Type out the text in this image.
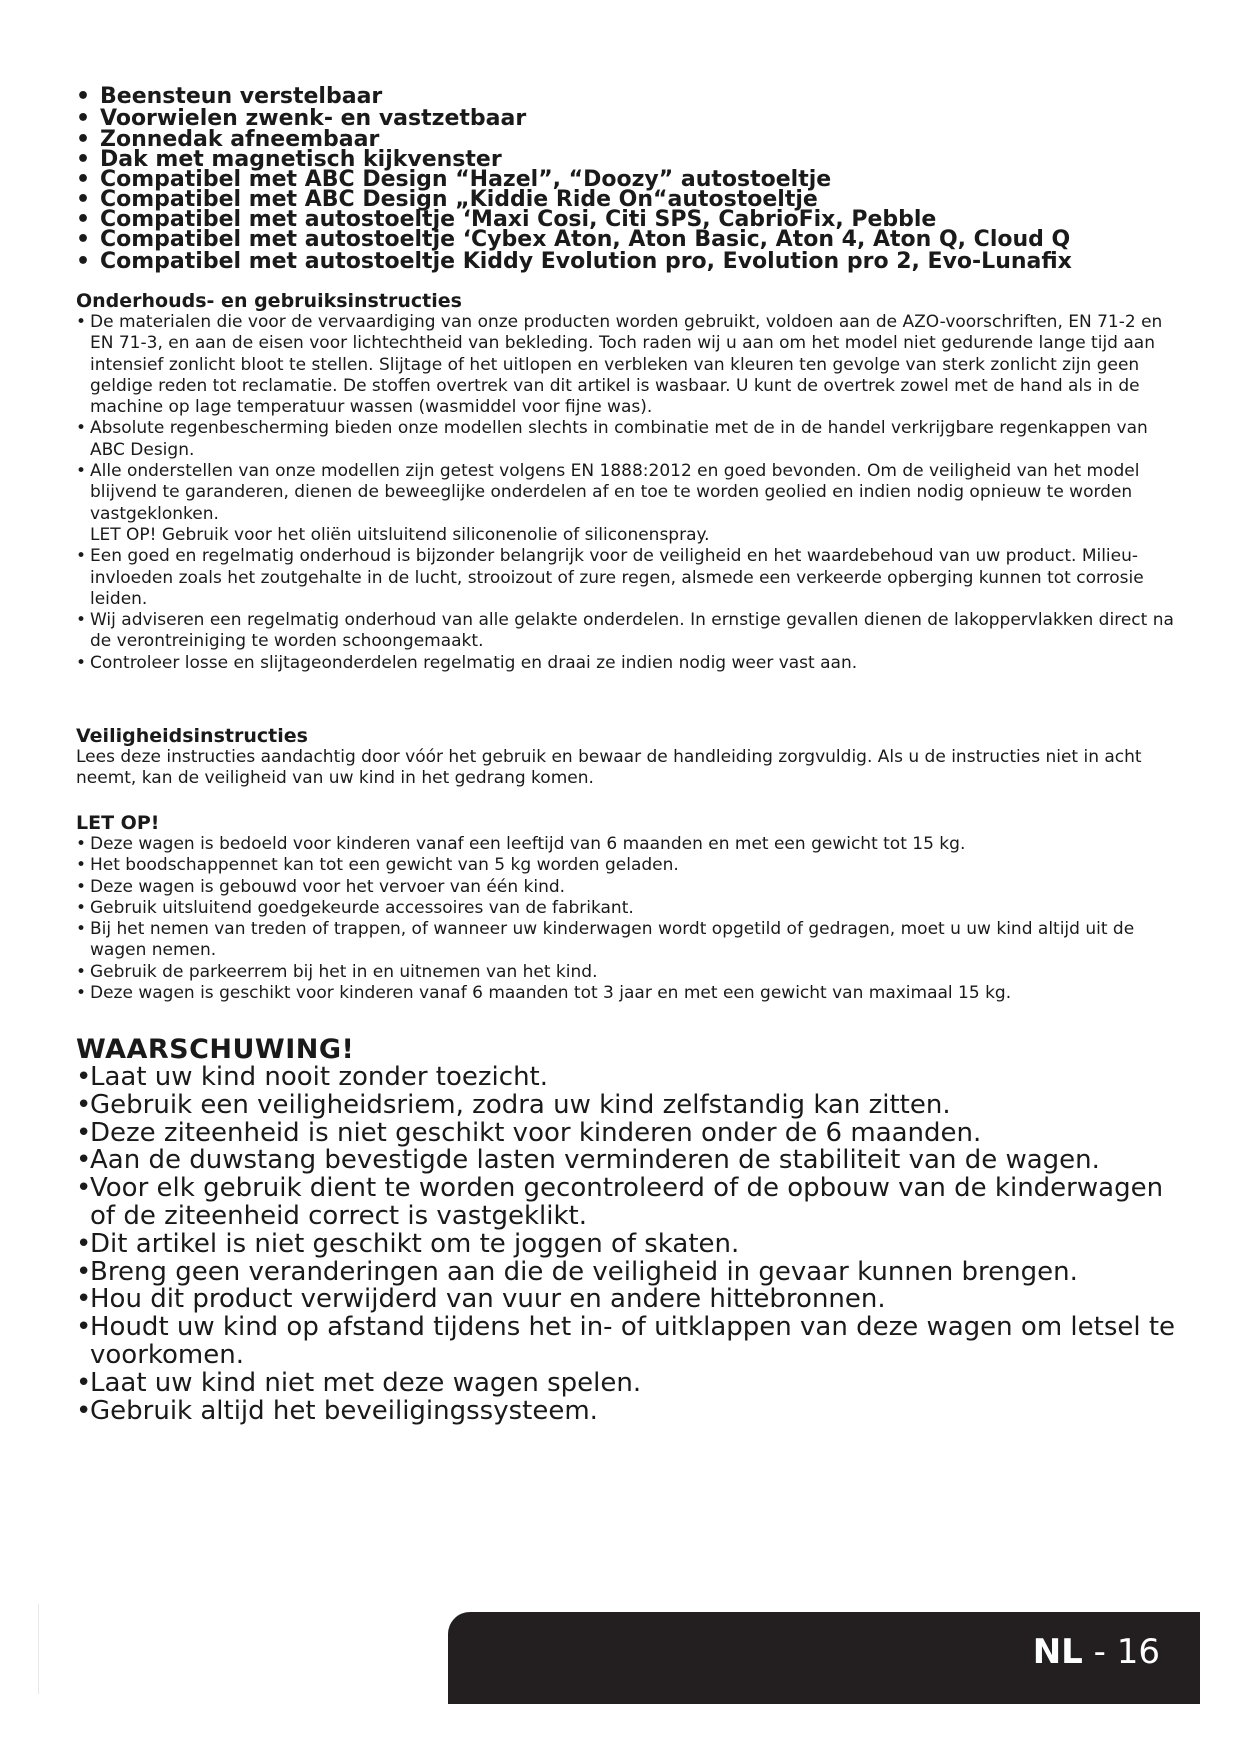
• Beensteun verstelbaar
• Voorwielen zwenk- en vastzetbaar
• Zonnedak afneembaar
• Dak met magnetisch kijkvenster
• Compatibel met ABC Design “Hazel”, “Doozy” autostoeltje
• Compatibel met ABC Design „Kiddie Ride On“autostoeltje
• Compatibel met autostoeltje ‘Maxi Cosi, Citi SPS, CabrioFix, Pebble
• Compatibel met autostoeltje ‘Cybex Aton, Aton Basic, Aton 4, Aton Q, Cloud Q
• Compatibel met autostoeltje Kiddy Evolution pro, Evolution pro 2, Evo-Lunafix
Onderhouds- en gebruiksinstructies
• De materialen die voor de vervaardiging van onze producten worden gebruikt, voldoen aan de AZO-voorschriften, EN 71-2 en EN 71-3, en aan de eisen voor lichtechtheid van bekleding. Toch raden wij u aan om het model niet gedurende lange tijd aan intensief zonlicht bloot te stellen. Slijtage of het uitlopen en verbleken van kleuren ten gevolge van sterk zonlicht zijn geen geldige reden tot reclamatie. De stoffen overtrek van dit artikel is wasbaar. U kunt de overtrek zowel met de hand als in de machine op lage temperatuur wassen (wasmiddel voor fijne was).
• Absolute regenbescherming bieden onze modellen slechts in combinatie met de in de handel verkrijgbare regenkappen van ABC Design.
• Alle onderstellen van onze modellen zijn getest volgens EN 1888:2012 en goed bevonden. Om de veiligheid van het model blijvend te garanderen, dienen de beweeglijke onderdelen af en toe te worden geolied en indien nodig opnieuw te worden vastgeklonken.

LET OP! Gebruik voor het oliën uitsluitend siliconenolie of siliconenspray.

• Een goed en regelmatig onderhoud is bijzonder belangrijk voor de veiligheid en het waardebehoud van uw product. Milieu-invloeden zoals het zoutgehalte in de lucht, strooizout of zure regen, alsmede een verkeerde opberging kunnen tot corrosie leiden.
• Wij adviseren een regelmatig onderhoud van alle gelakte onderdelen. In ernstige gevallen dienen de lakoppervlakken direct na de verontreiniging te worden schoongemaakt.
• Controleer losse en slijtageonderdelen regelmatig en draai ze indien nodig weer vast aan.
Veiligheidsinstructies

Lees deze instructies aandachtig door vóór het gebruik en bewaar de handleiding zorgvuldig. Als u de instructies niet in acht neemt, kan de veiligheid van uw kind in het gedrang komen.

LET OP!
• Deze wagen is bedoeld voor kinderen vanaf een leeftijd van 6 maanden en met een gewicht tot 15 kg.
• Het boodschappennet kan tot een gewicht van 5 kg worden geladen.
• Deze wagen is gebouwd voor het vervoer van één kind.
• Gebruik uitsluitend goedgekeurde accessoires van de fabrikant.
• Bij het nemen van treden of trappen, of wanneer uw kinderwagen wordt opgetild of gedragen, moet u uw kind altijd uit de wagen nemen.
• Gebruik de parkeerrem bij het in en uitnemen van het kind.
• Deze wagen is geschikt voor kinderen vanaf 6 maanden tot 3 jaar en met een gewicht van maximaal 15 kg.
WAARSCHUWING!
•Laat uw kind nooit zonder toezicht.
•Gebruik een veiligheidsriem, zodra uw kind zelfstandig kan zitten.
•Deze ziteenheid is niet geschikt voor kinderen onder de 6 maanden.
•Aan de duwstang bevestigde lasten verminderen de stabiliteit van de wagen.
•Voor elk gebruik dient te worden gecontroleerd of de opbouw van de kinderwagen of de ziteenheid correct is vastgeklikt.
•Dit artikel is niet geschikt om te joggen of skaten.
•Breng geen veranderingen aan die de veiligheid in gevaar kunnen brengen.
•Hou dit product verwijderd van vuur en andere hittebronnen.
•Houdt uw kind op afstand tijdens het in- of uitklappen van deze wagen om letsel te voorkomen.
•Laat uw kind niet met deze wagen spelen.
•Gebruik altijd het beveiligingssysteem.
NL - 16
